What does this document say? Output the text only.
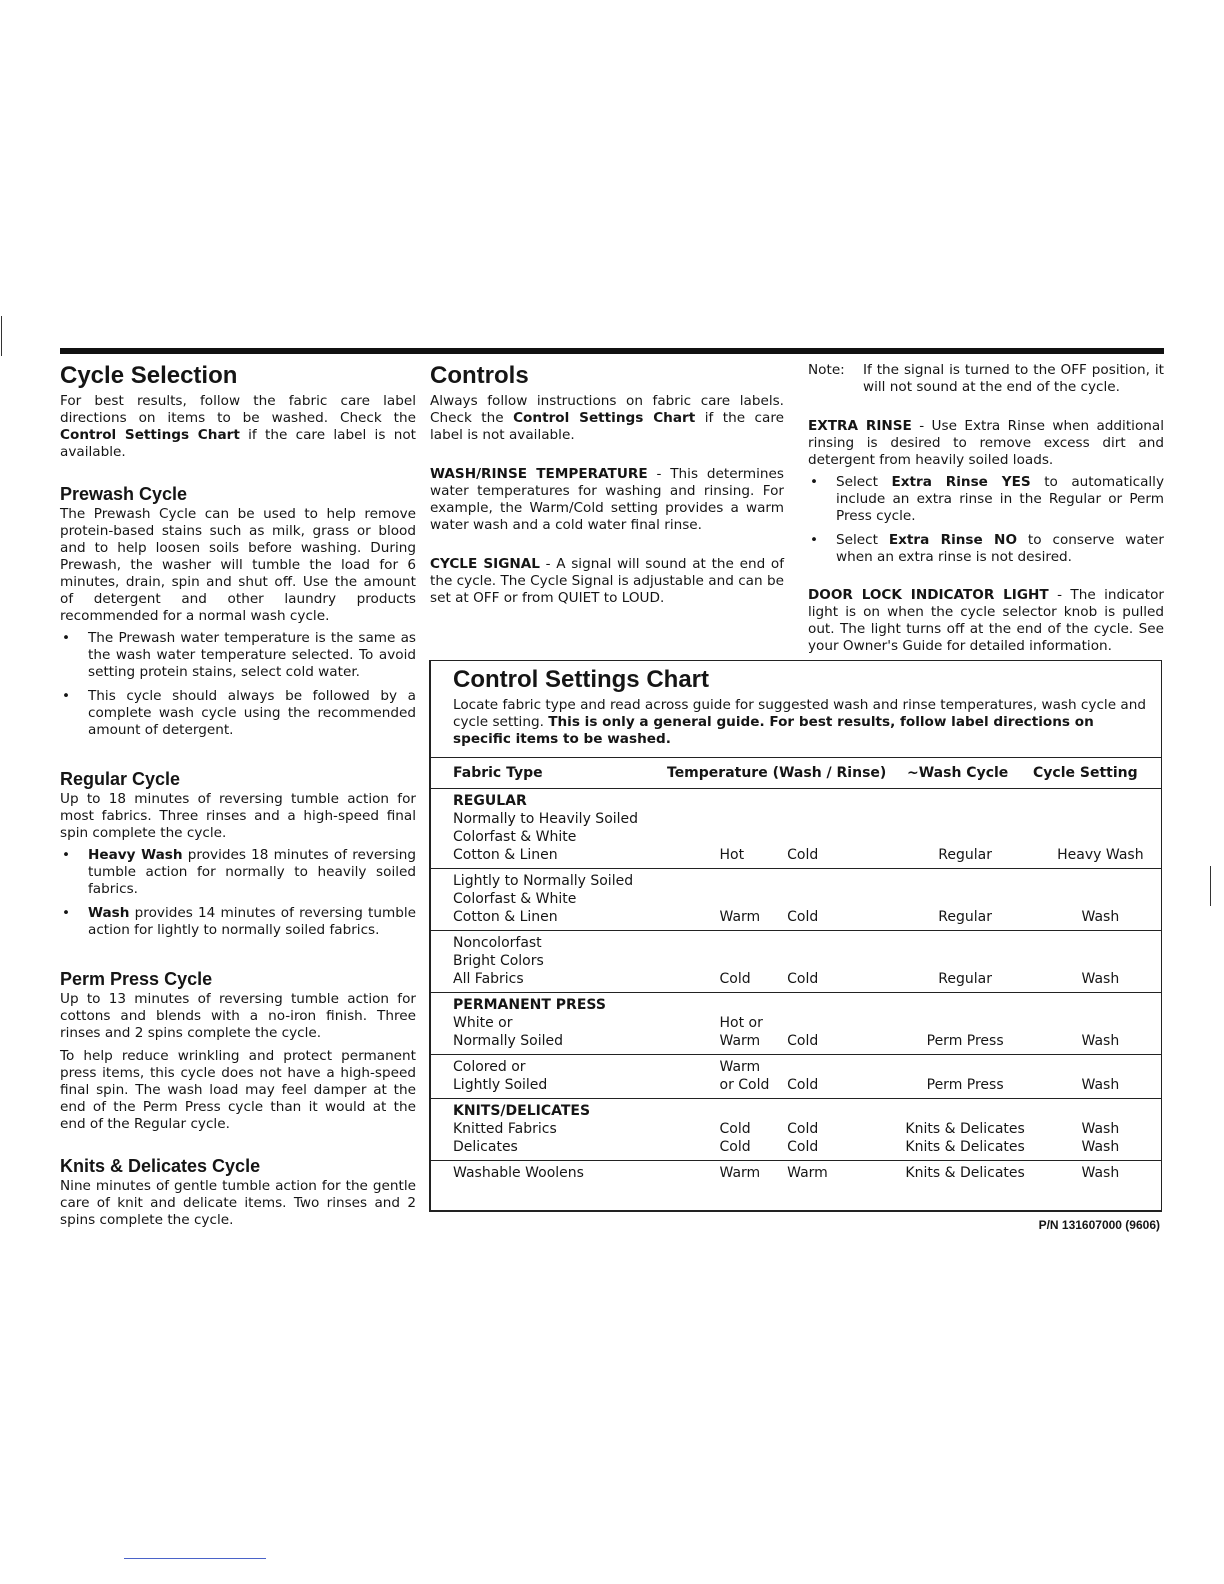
Cycle Selection

For best results, follow the fabric care label directions on items to be washed. Check the Control Settings Chart if the care label is not available.

Prewash Cycle

The Prewash Cycle can be used to help remove protein-based stains such as milk, grass or blood and to help loosen soils before washing. During Prewash, the washer will tumble the load for 6 minutes, drain, spin and shut off. Use the amount of detergent and other laundry products recommended for a normal wash cycle.

• The Prewash water temperature is the same as the wash water temperature selected. To avoid setting protein stains, select cold water.
• This cycle should always be followed by a complete wash cycle using the recommended amount of detergent.
Regular Cycle

Up to 18 minutes of reversing tumble action for most fabrics. Three rinses and a high-speed final spin complete the cycle.

• Heavy Wash provides 18 minutes of reversing tumble action for normally to heavily soiled fabrics.
• Wash provides 14 minutes of reversing tumble action for lightly to normally soiled fabrics.
Perm Press Cycle

Up to 13 minutes of reversing tumble action for cottons and blends with a no-iron finish. Three rinses and 2 spins complete the cycle.

To help reduce wrinkling and protect permanent press items, this cycle does not have a high-speed final spin. The wash load may feel damper at the end of the Perm Press cycle than it would at the end of the Regular cycle.

Knits & Delicates Cycle

Nine minutes of gentle tumble action for the gentle care of knit and delicate items. Two rinses and 2 spins complete the cycle.

Controls

Always follow instructions on fabric care labels. Check the Control Settings Chart if the care label is not available.

WASH/RINSE TEMPERATURE - This determines water temperatures for washing and rinsing. For example, the Warm/Cold setting provides a warm water wash and a cold water final rinse.

CYCLE SIGNAL - A signal will sound at the end of the cycle. The Cycle Signal is adjustable and can be set at OFF or from QUIET to LOUD.

Note:	If the signal is turned to the OFF position, it will not sound at the end of the cycle.

EXTRA RINSE - Use Extra Rinse when additional rinsing is desired to remove excess dirt and detergent from heavily soiled loads.

• Select Extra Rinse YES to automatically include an extra rinse in the Regular or Perm Press cycle.
• Select Extra Rinse NO to conserve water when an extra rinse is not desired.

DOOR LOCK INDICATOR LIGHT - The indicator light is on when the cycle selector knob is pulled out. The light turns off at the end of the cycle. See your Owner's Guide for detailed information.

Control Settings Chart

Locate fabric type and read across guide for suggested wash and rinse temperatures, wash cycle and cycle setting. This is only a general guide. For best results, follow label directions on specific items to be washed.

Fabric Type	Temperature (Wash / Rinse)	~Wash Cycle	Cycle Setting
REGULAR
Normally to Heavily Soiled
Colorfast & White
Cotton & Linen	Hot	Cold	Regular	Heavy Wash
Lightly to Normally Soiled
Colorfast & White
Cotton & Linen	Warm	Cold	Regular	Wash
Noncolorfast
Bright Colors
All Fabrics	Cold	Cold	Regular	Wash
PERMANENT PRESS
White or	Hot or
Normally Soiled	Warm	Cold	Perm Press	Wash
Colored or	Warm
Lightly Soiled	or Cold	Cold	Perm Press	Wash
KNITS/DELICATES
Knitted Fabrics	Cold	Cold	Knits & Delicates	Wash
Delicates	Cold	Cold	Knits & Delicates	Wash
Washable Woolens	Warm	Warm	Knits & Delicates	Wash
P/N 131607000 (9606)
